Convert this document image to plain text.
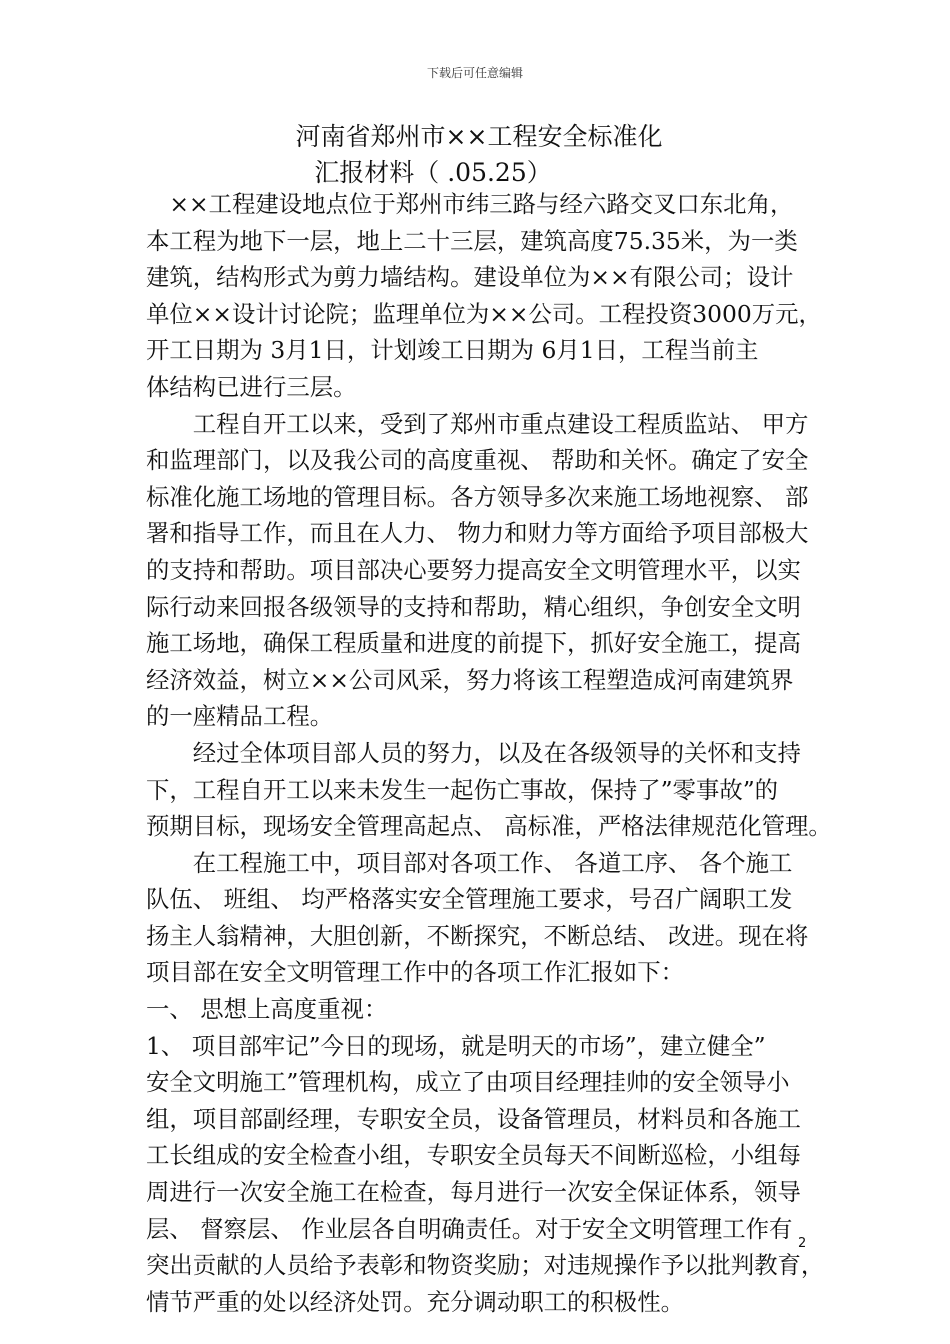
下载后可任意编辑
河南省郑州市××工程安全标准化
汇报材料（ .05.25）
　××工程建设地点位于郑州市纬三路与经六路交叉口东北角，
本工程为地下一层，地上二十三层，建筑高度75.35米，为一类
建筑，结构形式为剪力墙结构。建设单位为××有限公司；设计
单位××设计讨论院；监理单位为××公司。工程投资3000万元，
开工日期为 3月1日，计划竣工日期为 6月1日，工程当前主
体结构已进行三层。
　　工程自开工以来，受到了郑州市重点建设工程质监站、 甲方
和监理部门，以及我公司的高度重视、 帮助和关怀。确定了安全
标准化施工场地的管理目标。各方领导多次来施工场地视察、 部
署和指导工作，而且在人力、 物力和财力等方面给予项目部极大
的支持和帮助。项目部决心要努力提高安全文明管理水平，以实
际行动来回报各级领导的支持和帮助，精心组织，争创安全文明
施工场地，确保工程质量和进度的前提下，抓好安全施工，提高
经济效益，树立××公司风采，努力将该工程塑造成河南建筑界
的一座精品工程。
　　经过全体项目部人员的努力，以及在各级领导的关怀和支持
下，工程自开工以来未发生一起伤亡事故，保持了”零事故”的
预期目标，现场安全管理高起点、 高标准，严格法律规范化管理。
　　在工程施工中，项目部对各项工作、 各道工序、 各个施工
队伍、 班组、 均严格落实安全管理施工要求，号召广阔职工发
扬主人翁精神，大胆创新，不断探究，不断总结、 改进。现在将
项目部在安全文明管理工作中的各项工作汇报如下：
一、 思想上高度重视：
1、 项目部牢记”今日的现场，就是明天的市场”，建立健全”
安全文明施工”管理机构，成立了由项目经理挂帅的安全领导小
组，项目部副经理，专职安全员，设备管理员，材料员和各施工
工长组成的安全检查小组，专职安全员每天不间断巡检，小组每
周进行一次安全施工在检查，每月进行一次安全保证体系，领导
层、 督察层、 作业层各自明确责任。对于安全文明管理工作有
突出贡献的人员给予表彰和物资奖励；对违规操作予以批判教育，
情节严重的处以经济处罚。充分调动职工的积极性。
2
